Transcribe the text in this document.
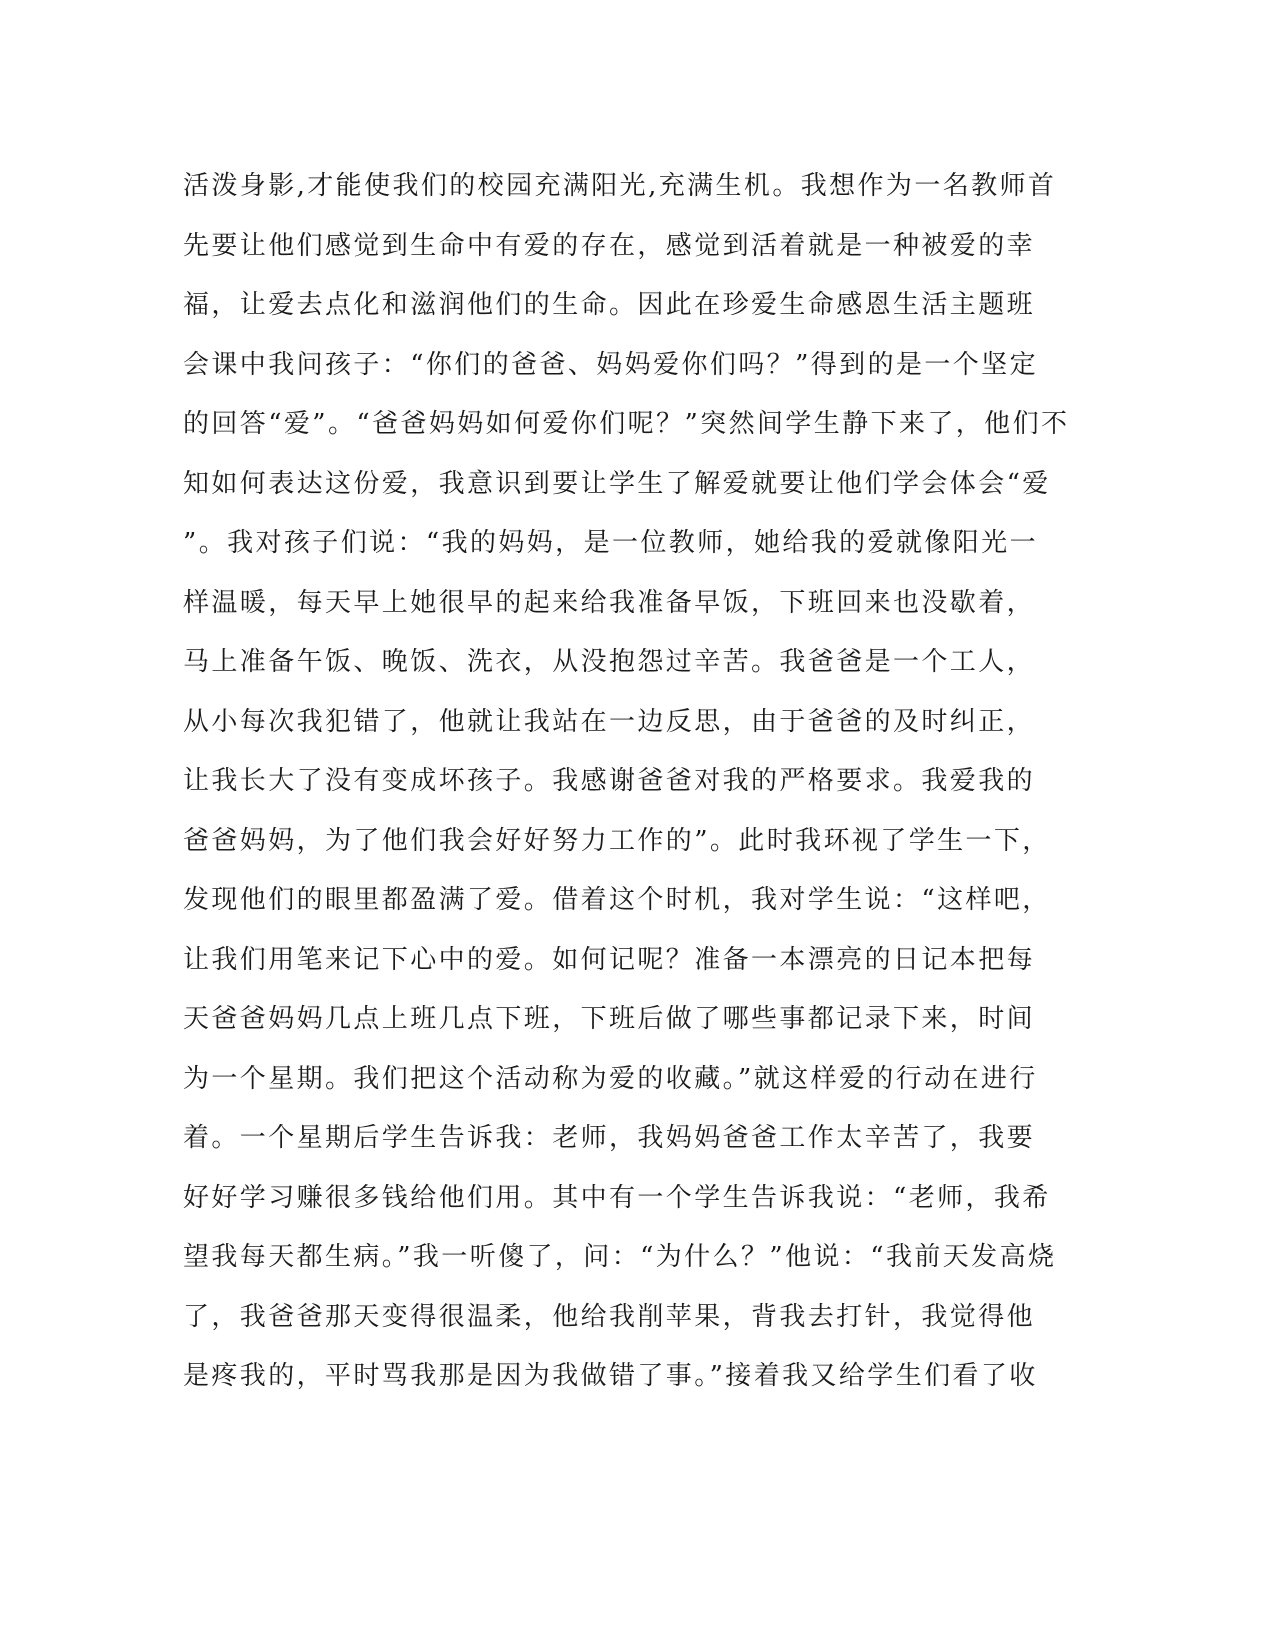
活泼身影,才能使我们的校园充满阳光,充满生机。我想作为一名教师首
先要让他们感觉到生命中有爱的存在，感觉到活着就是一种被爱的幸
福，让爱去点化和滋润他们的生命。因此在珍爱生命感恩生活主题班
会课中我问孩子：“你们的爸爸、妈妈爱你们吗？”得到的是一个坚定
的回答“爱”。“爸爸妈妈如何爱你们呢？”突然间学生静下来了，他们不
知如何表达这份爱，我意识到要让学生了解爱就要让他们学会体会“爱
”。我对孩子们说：“我的妈妈，是一位教师，她给我的爱就像阳光一
样温暖，每天早上她很早的起来给我准备早饭，下班回来也没歇着，
马上准备午饭、晚饭、洗衣，从没抱怨过辛苦。我爸爸是一个工人，
从小每次我犯错了，他就让我站在一边反思，由于爸爸的及时纠正，
让我长大了没有变成坏孩子。我感谢爸爸对我的严格要求。我爱我的
爸爸妈妈，为了他们我会好好努力工作的”。此时我环视了学生一下，
发现他们的眼里都盈满了爱。借着这个时机，我对学生说：“这样吧，
让我们用笔来记下心中的爱。如何记呢？准备一本漂亮的日记本把每
天爸爸妈妈几点上班几点下班，下班后做了哪些事都记录下来，时间
为一个星期。我们把这个活动称为爱的收藏。”就这样爱的行动在进行
着。一个星期后学生告诉我：老师，我妈妈爸爸工作太辛苦了，我要
好好学习赚很多钱给他们用。其中有一个学生告诉我说：“老师，我希
望我每天都生病。”我一听傻了，问：“为什么？”他说：“我前天发高烧
了，我爸爸那天变得很温柔，他给我削苹果，背我去打针，我觉得他
是疼我的，平时骂我那是因为我做错了事。”接着我又给学生们看了收
